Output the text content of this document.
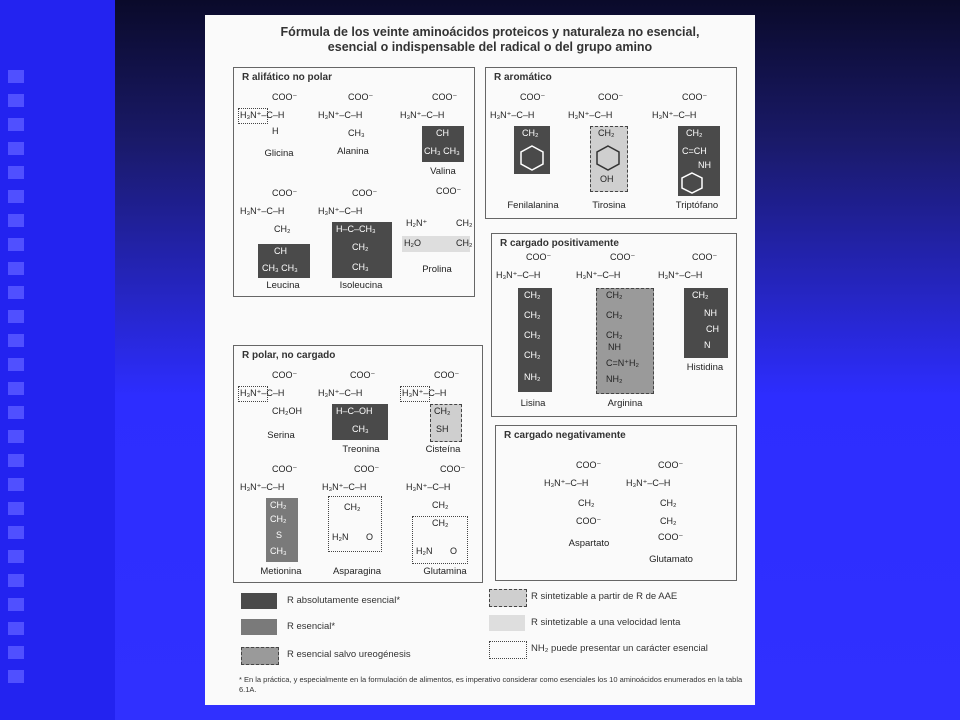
Fórmula de los veinte aminoácidos proteicos y naturaleza no esencial,
esencial o indispensable del radical o del grupo amino
R alifático no polar
COO⁻
H₃N⁺–C–H
H
Glicina
COO⁻
H₃N⁺–C–H
CH₃
Alanina
COO⁻
H₃N⁺–C–H
CH
CH₃ CH₃
Valina
COO⁻
H₃N⁺–C–H
CH₂
CH
CH₃ CH₃
Leucina
COO⁻
H₃N⁺–C–H
H–C–CH₃
CH₂
CH₃
Isoleucina
COO⁻
H₂N⁺	CH₂
H₂O	CH₂
Prolina
R aromático
COO⁻
H₃N⁺–C–H
CH₂
Fenilalanina
COO⁻
H₃N⁺–C–H
CH₂
OH
Tirosina
COO⁻
H₃N⁺–C–H
CH₂
C=CH
NH
Triptófano
R cargado positivamente
COO⁻
H₃N⁺–C–H
CH₂
CH₂
CH₂
CH₂
NH₂
Lisina
COO⁻
H₃N⁺–C–H
CH₂
CH₂
CH₂
NH
C=N⁺H₂
NH₂
Arginina
COO⁻
H₃N⁺–C–H
CH₂
NH
CH
N
Histidina
R polar, no cargado
COO⁻
H₃N⁺–C–H
CH₂OH
Serina
COO⁻
H₃N⁺–C–H
H–C–OH
CH₃
Treonina
COO⁻
H₃N⁺–C–H
CH₂
SH
Cisteína
COO⁻
H₃N⁺–C–H
CH₂
CH₂
S
CH₃
Metionina
COO⁻
H₃N⁺–C–H
CH₂
H₂N O
Asparagina
COO⁻
H₃N⁺–C–H
CH₂
CH₂
H₂N O
Glutamina
R cargado negativamente
COO⁻
H₃N⁺–C–H
CH₂
COO⁻
Aspartato
COO⁻
H₃N⁺–C–H
CH₂
CH₂
COO⁻
Glutamato
R absolutamente esencial*
R esencial*
R esencial salvo ureogénesis
R sintetizable a partir de R de AAE
R sintetizable a una velocidad lenta
NH₂ puede presentar un carácter esencial
* En la práctica, y especialmente en la formulación de alimentos, es imperativo considerar como esenciales los 10 aminoácidos enumerados en la tabla 6.1A.
